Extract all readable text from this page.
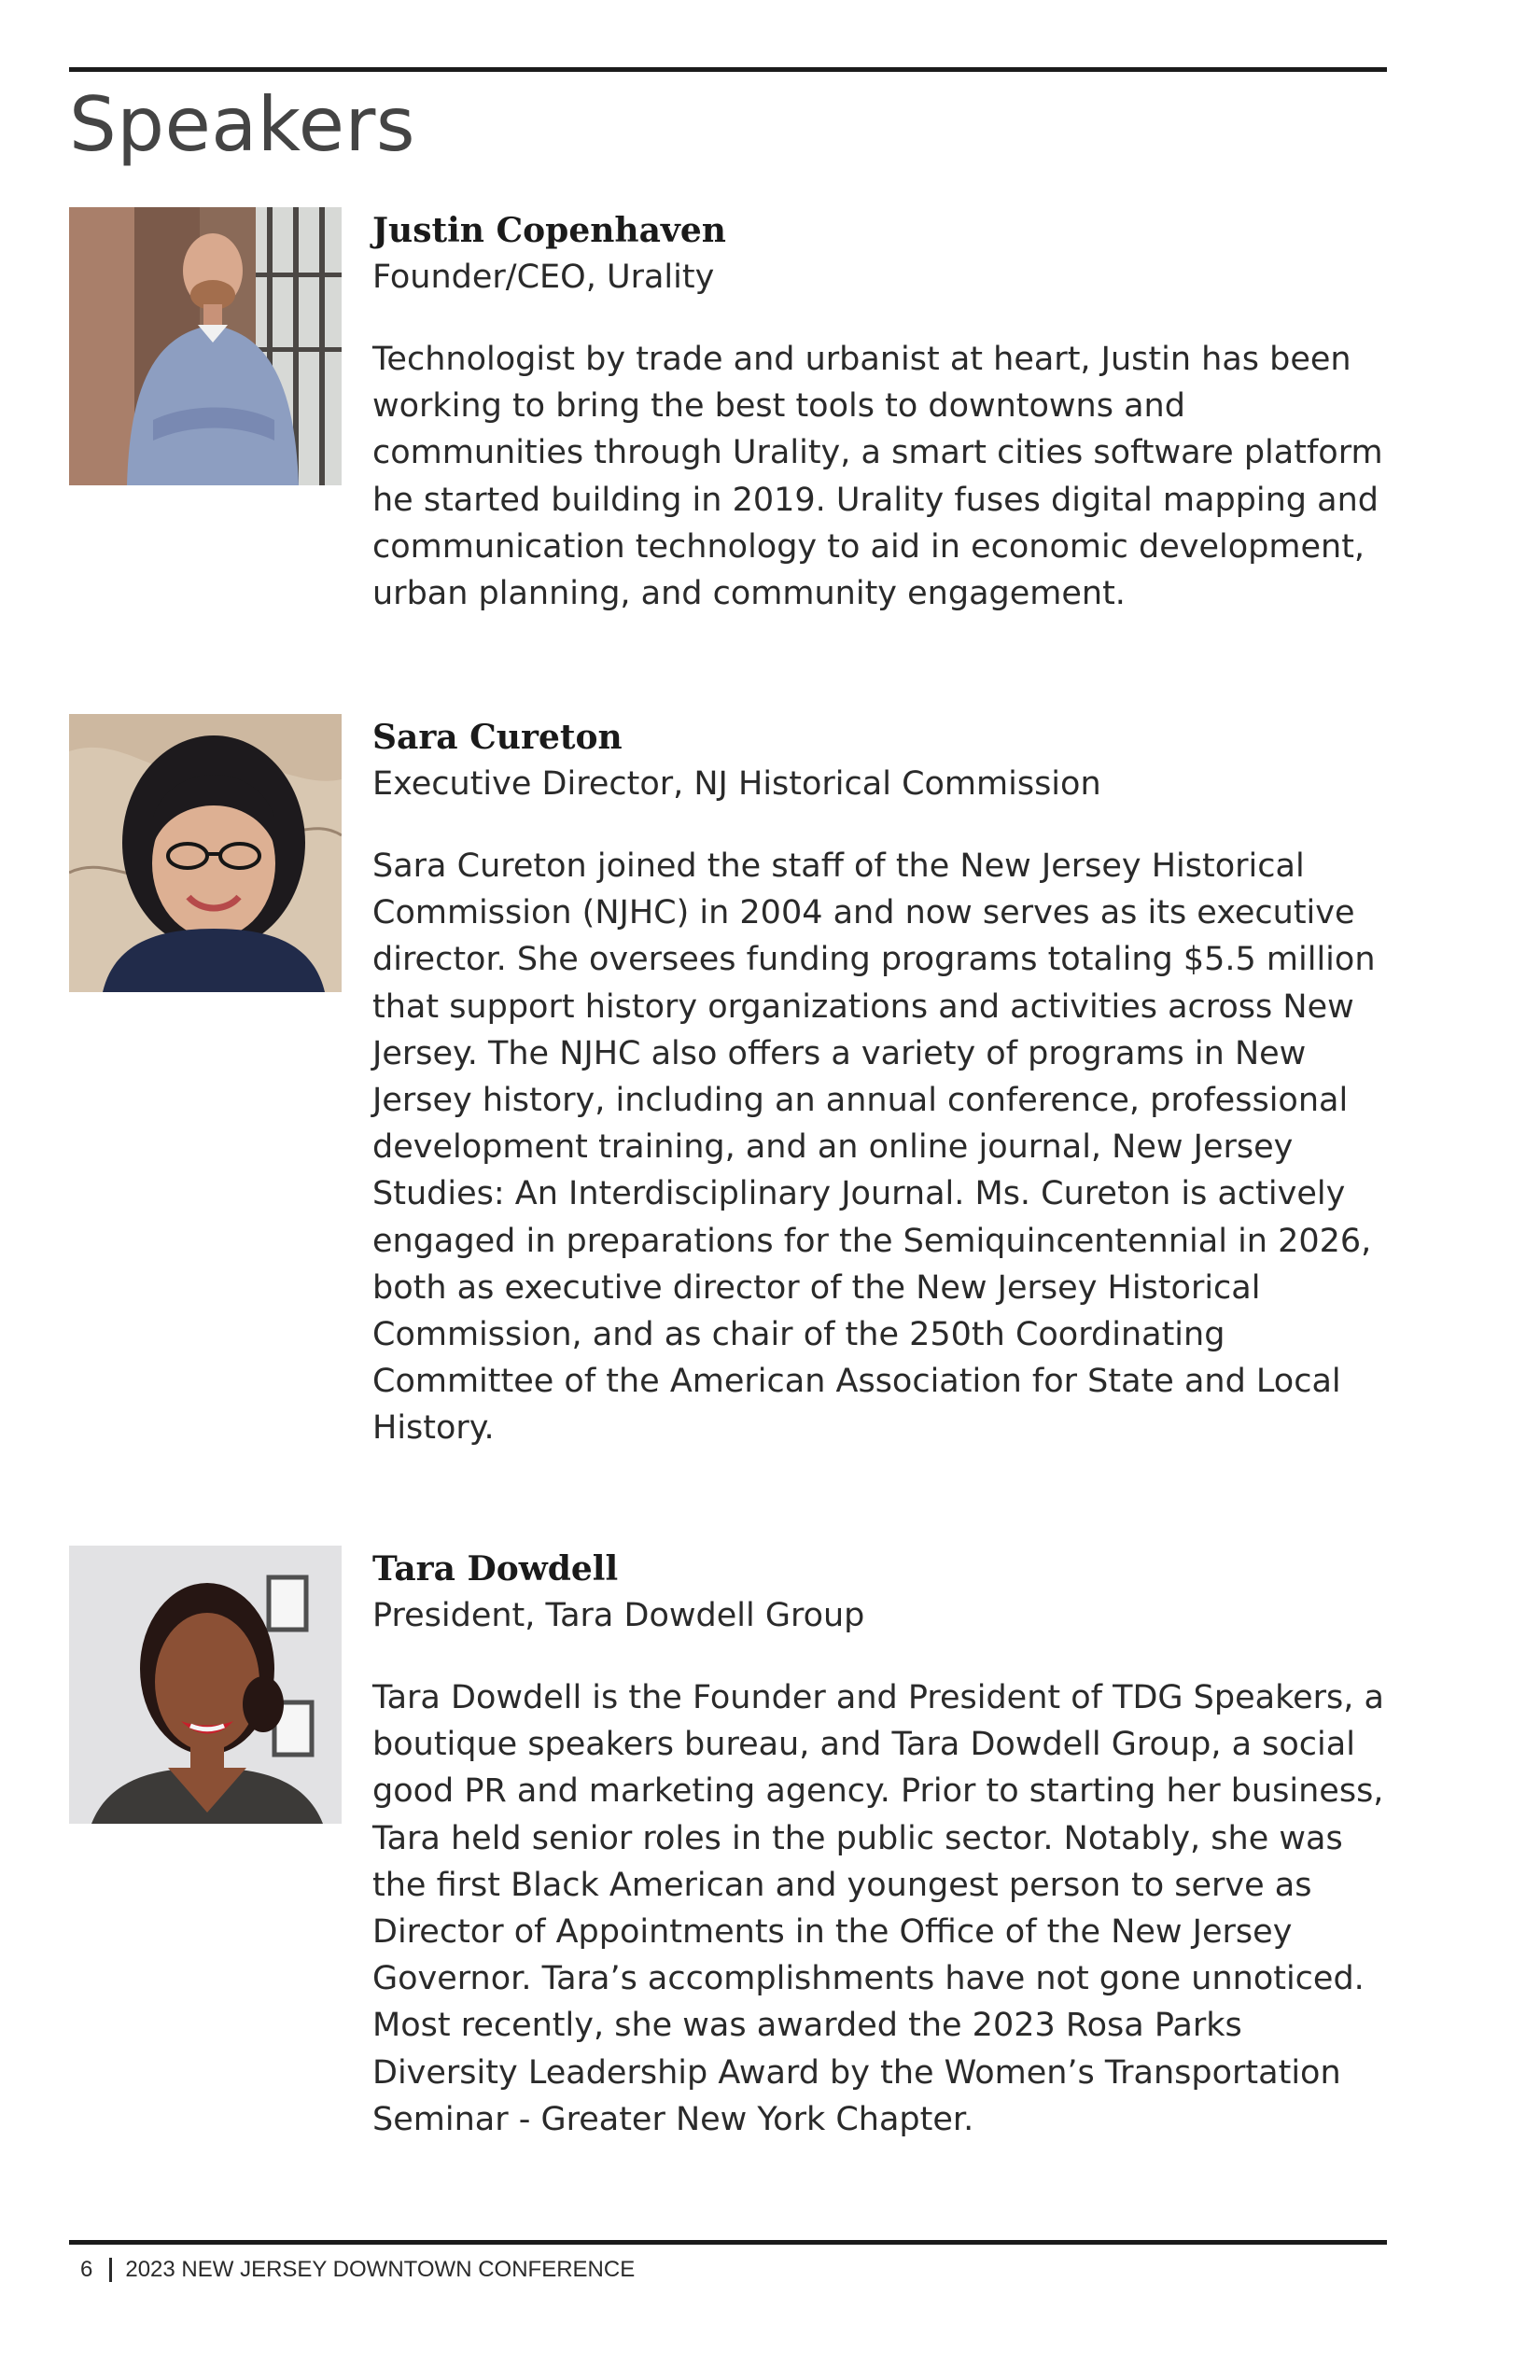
Speakers
Justin Copenhaven

Founder/CEO, Urality

Technologist by trade and urbanist at heart, Justin has been working to bring the best tools to downtowns and communities through Urality, a smart cities software platform he started building in 2019. Urality fuses digital mapping and communication technology to aid in economic development, urban planning, and community engagement.

Sara Cureton

Executive Director, NJ Historical Commission

Sara Cureton joined the staff of the New Jersey Historical Commission (NJHC) in 2004 and now serves as its executive director. She oversees funding programs totaling $5.5 million that support history organizations and activities across New Jersey. The NJHC also offers a variety of programs in New Jersey history, including an annual conference, professional development training, and an online journal, New Jersey Studies: An Interdisciplinary Journal. Ms. Cureton is actively engaged in preparations for the Semiquincentennial in 2026, both as executive director of the New Jersey Historical Commission, and as chair of the 250th Coordinating Committee of the American Association for State and Local History.

Tara Dowdell

President, Tara Dowdell Group

Tara Dowdell is the Founder and President of TDG Speakers, a boutique speakers bureau, and Tara Dowdell Group, a social good PR and marketing agency. Prior to starting her business, Tara held senior roles in the public sector. Notably, she was the first Black American and youngest person to serve as Director of Appointments in the Office of the New Jersey Governor. Tara’s accomplishments have not gone unnoticed. Most recently, she was awarded the 2023 Rosa Parks Diversity Leadership Award by the Women’s Transportation Seminar - Greater New York Chapter.

6 2023 NEW JERSEY DOWNTOWN CONFERENCE
